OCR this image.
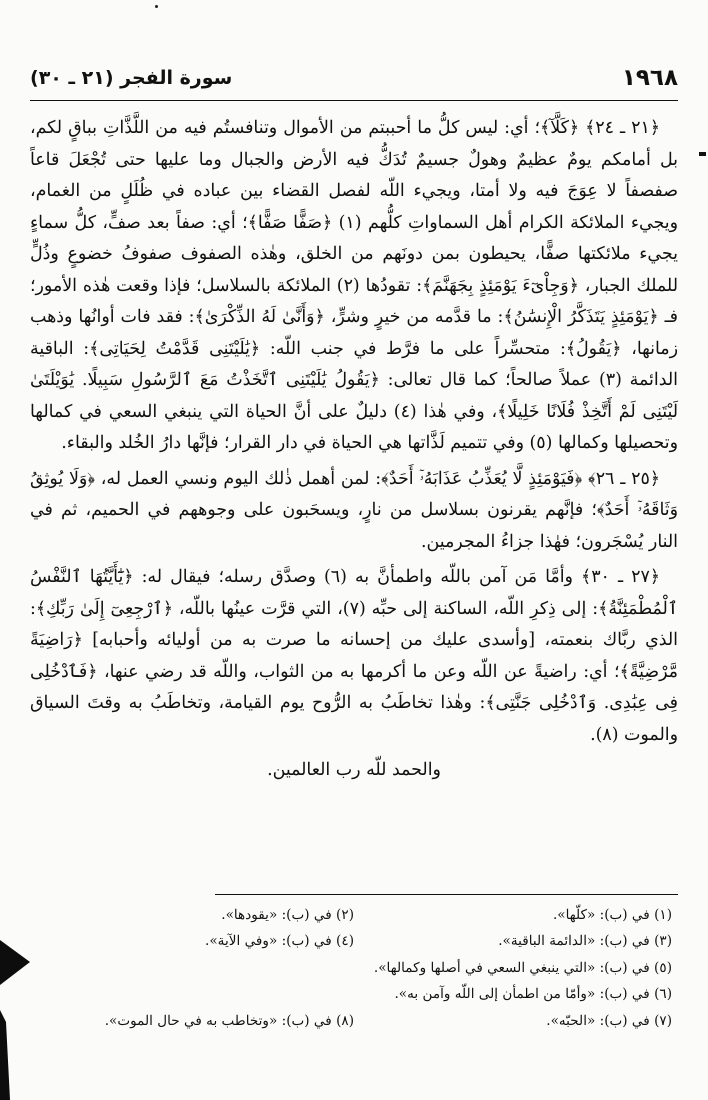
١٩٦٨
سورة الفجر (٢١ ـ ٣٠)

﴿٢١ ـ ٢٤﴾ ﴿كَلَّآ﴾؛ أي: ليس كلُّ ما أحببتم من الأموال وتنافستُم فيه من اللَّذَّاتِ بباقٍ لكم، بل أمامكم يومٌ عظيمٌ وهولٌ جسيمٌ تُدَكُّ فيه الأرض والجبال وما عليها حتى تُجْعَلَ قاعاً صفصفاً لا عِوَجَ فيه ولا أمتا، ويجيء اللّه لفصل القضاء بين عباده في ظُلَلٍ من الغمام، ويجيء الملائكة الكرام أهل السماواتِ كلُّهم (١) ﴿صَفًّا صَفًّا﴾؛ أي: صفاً بعد صفٍّ، كلُّ سماءٍ يجيء ملائكتها صفًّا، يحيطون بمن دونَهم من الخلق، وهٰذه الصفوف صفوفُ خضوعٍ وذُلٍّ للملك الجبار، ﴿وَجِاْىٓءَ يَوْمَئِذٍ بِجَهَنَّمَ﴾: تقودُها (٢) الملائكة بالسلاسل؛ فإذا وقعت هٰذه الأمور؛ فـ ﴿يَوْمَئِذٍ يَتَذَكَّرُ الْإِنسَٰنُ﴾: ما قدَّمه من خيرٍ وشرٍّ، ﴿وَأَنَّىٰ لَهُ الذِّكْرَىٰ﴾: فقد فات أوانُها وذهب زمانها، ﴿يَقُولُ﴾: متحسِّراً على ما فرَّط في جنب اللّه: ﴿يَٰلَيْتَنِى قَدَّمْتُ لِحَيَاتِى﴾: الباقية الدائمة (٣) عملاً صالحاً؛ كما قال تعالى: ﴿يَقُولُ يَٰلَيْتَنِى ٱتَّخَذْتُ مَعَ ٱلرَّسُولِ سَبِيلًا. يَٰوَيْلَتَىٰ لَيْتَنِى لَمْ أَتَّخِذْ فُلَانًا خَلِيلًا﴾، وفي هٰذا (٤) دليلٌ على أنَّ الحياة التي ينبغي السعي في كمالها وتحصيلها وكمالها (٥) وفي تتميم لَذَّاتها هي الحياة في دار القرار؛ فإنَّها دارُ الخُلد والبقاء.

﴿٢٥ ـ ٢٦﴾ ﴿فَيَوْمَئِذٍ لَّا يُعَذِّبُ عَذَابَهُۥٓ أَحَدٌ﴾: لمن أهمل ذٰلك اليوم ونسي العمل له، ﴿وَلَا يُوثِقُ وَثَاقَهُۥٓ أَحَدٌ﴾؛ فإنَّهم يقرنون بسلاسل من نارٍ، ويسحَبون على وجوههم في الحميم، ثم في النار يُسْجَرون؛ فهٰذا جزاءُ المجرمين.

﴿٢٧ ـ ٣٠﴾ وأمَّا مَن آمن باللّه واطمأنَّ به (٦) وصدَّق رسله؛ فيقال له: ﴿يَٰٓأَيَّتُهَا ٱلنَّفْسُ ٱلْمُطْمَئِنَّةُ﴾: إلى ذِكرِ اللّه، الساكنة إلى حبِّه (٧)، التي قرَّت عينُها باللّه، ﴿ٱرْجِعِىٓ إِلَىٰ رَبِّكِ﴾: الذي ربَّاك بنعمته، [وأسدى عليك من إحسانه ما صرت به من أوليائه وأحبابه] ﴿رَاضِيَةً مَّرْضِيَّةً﴾؛ أي: راضيةً عن اللّه وعن ما أكرمها به من الثواب، واللّه قد رضي عنها، ﴿فَٱدْخُلِى فِى عِبَٰدِى. وَٱدْخُلِى جَنَّتِى﴾: وهٰذا تخاطَبُ به الرُّوح يوم القيامة، وتخاطَبُ به وقتَ السياق والموت (٨).

والحمد للّه رب العالمين.

(١) في (ب): «كلّها».
(٢) في (ب): «يقودها».
(٣) في (ب): «الدائمة الباقية».
(٤) في (ب): «وفي الآية».
(٥) في (ب): «التي ينبغي السعي في أصلها وكمالها».
(٦) في (ب): «وأمّا من اطمأن إلى اللّه وآمن به».
(٧) في (ب): «الحبّه».
(٨) في (ب): «وتخاطب به في حال الموت».
